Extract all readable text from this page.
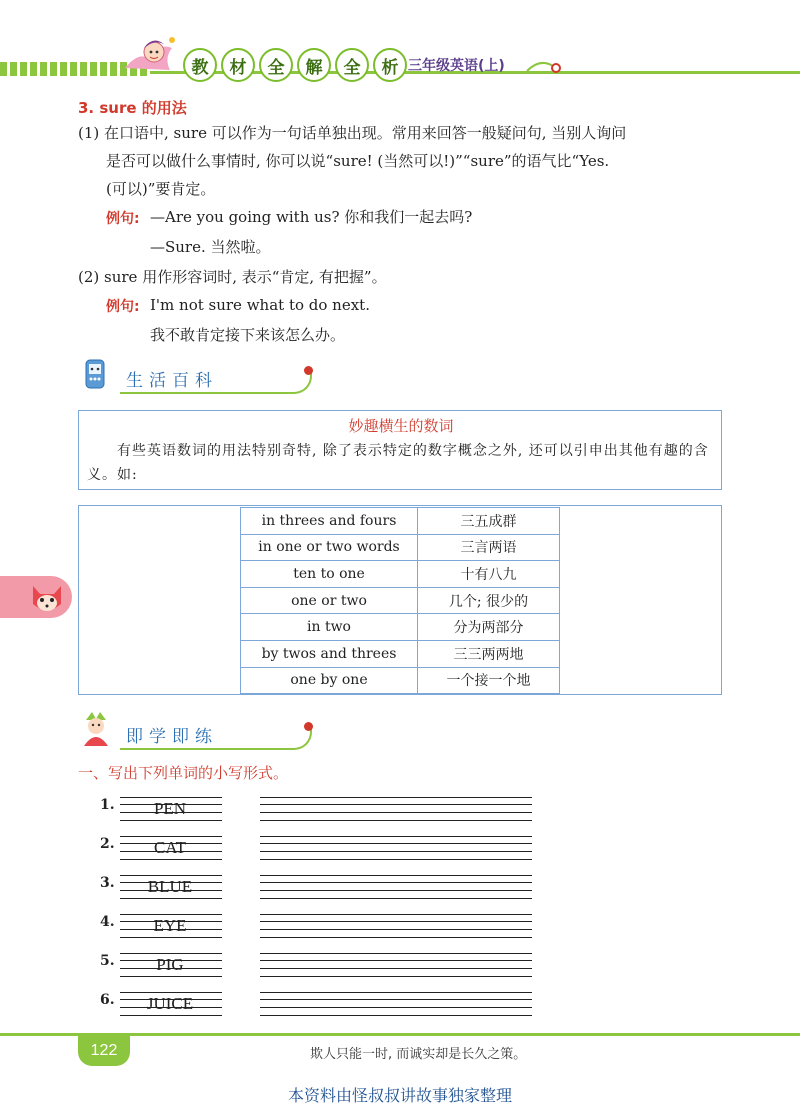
教	材	全	解	全	析 三年级英语(上)
3. sure 的用法
(1) 在口语中, sure 可以作为一句话单独出现。常用来回答一般疑问句, 当别人询问
是否可以做什么事情时, 你可以说“sure! (当然可以!)”“sure”的语气比“Yes.
(可以)”要肯定。
例句: —Are you going with us? 你和我们一起去吗?
—Sure. 当然啦。
(2) sure 用作形容词时, 表示“肯定, 有把握”。
例句: I'm not sure what to do next.
我不敢肯定接下来该怎么办。
生活百科
妙趣横生的数词
有些英语数词的用法特别奇特, 除了表示特定的数字概念之外, 还可以引申出其他有趣的含义。如:
in threes and fours	三五成群
in one or two words	三言两语
ten to one	十有八九
one or two	几个; 很少的
in two	分为两部分
by twos and threes	三三两两地
one by one	一个接一个地
即学即练
一、写出下列单词的小写形式。
1.	PEN
2.	CAT
3.	BLUE
4.	EYE
5.	PIG
6.	JUICE
122	欺人只能一时, 而诚实却是长久之策。
本资料由怪叔叔讲故事独家整理
